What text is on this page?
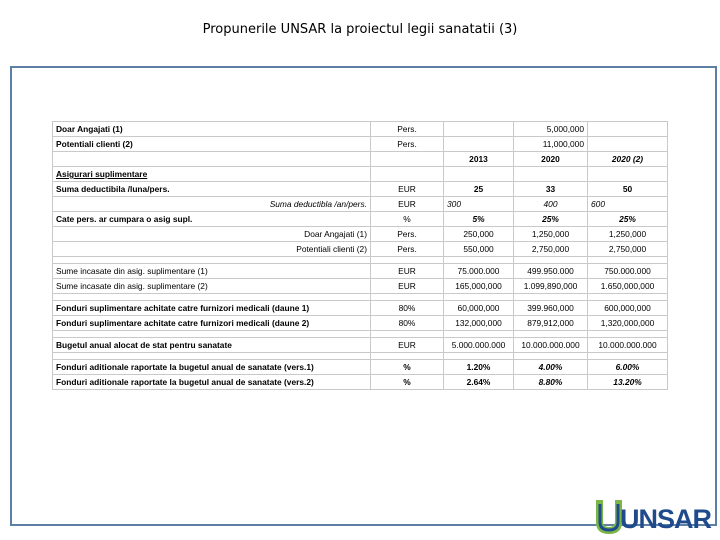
Propunerile UNSAR la proiectul legii sanatatii (3)
Doar Angajati (1)	Pers.		5,000,000	
Potentiali clienti (2)	Pers.		11,000,000	
		2013	2020	2020 (2)
Asigurari suplimentare				
Suma deductibila /luna/pers.	EUR	25	33	50
Suma deductibla /an/pers.	EUR	300	400	600
Cate pers. ar cumpara o asig supl.	%	5%	25%	25%
Doar Angajati (1)	Pers.	250,000	1,250,000	1,250,000
Potentiali clienti (2)	Pers.	550,000	2,750,000	2,750,000

Sume incasate din asig. suplimentare (1)	EUR	75.000.000	499.950.000	750.000.000
Sume incasate din asig. suplimentare (2)	EUR	165,000,000	1.099,890,000	1.650,000,000

Fonduri suplimentare achitate catre furnizori medicali (daune 1)	80%	60,000,000	399.960,000	600,000,000
Fonduri suplimentare achitate catre furnizori medicali (daune 2)	80%	132,000,000	879,912,000	1,320,000,000

Bugetul anual alocat de stat pentru sanatate	EUR	5.000.000.000	10.000.000.000	10.000.000.000

Fonduri aditionale raportate la bugetul anual de sanatate (vers.1)	%	1.20%	4.00%	6.00%
Fonduri aditionale raportate la bugetul anual de sanatate (vers.2)	%	2.64%	8.80%	13.20%
UNSAR
